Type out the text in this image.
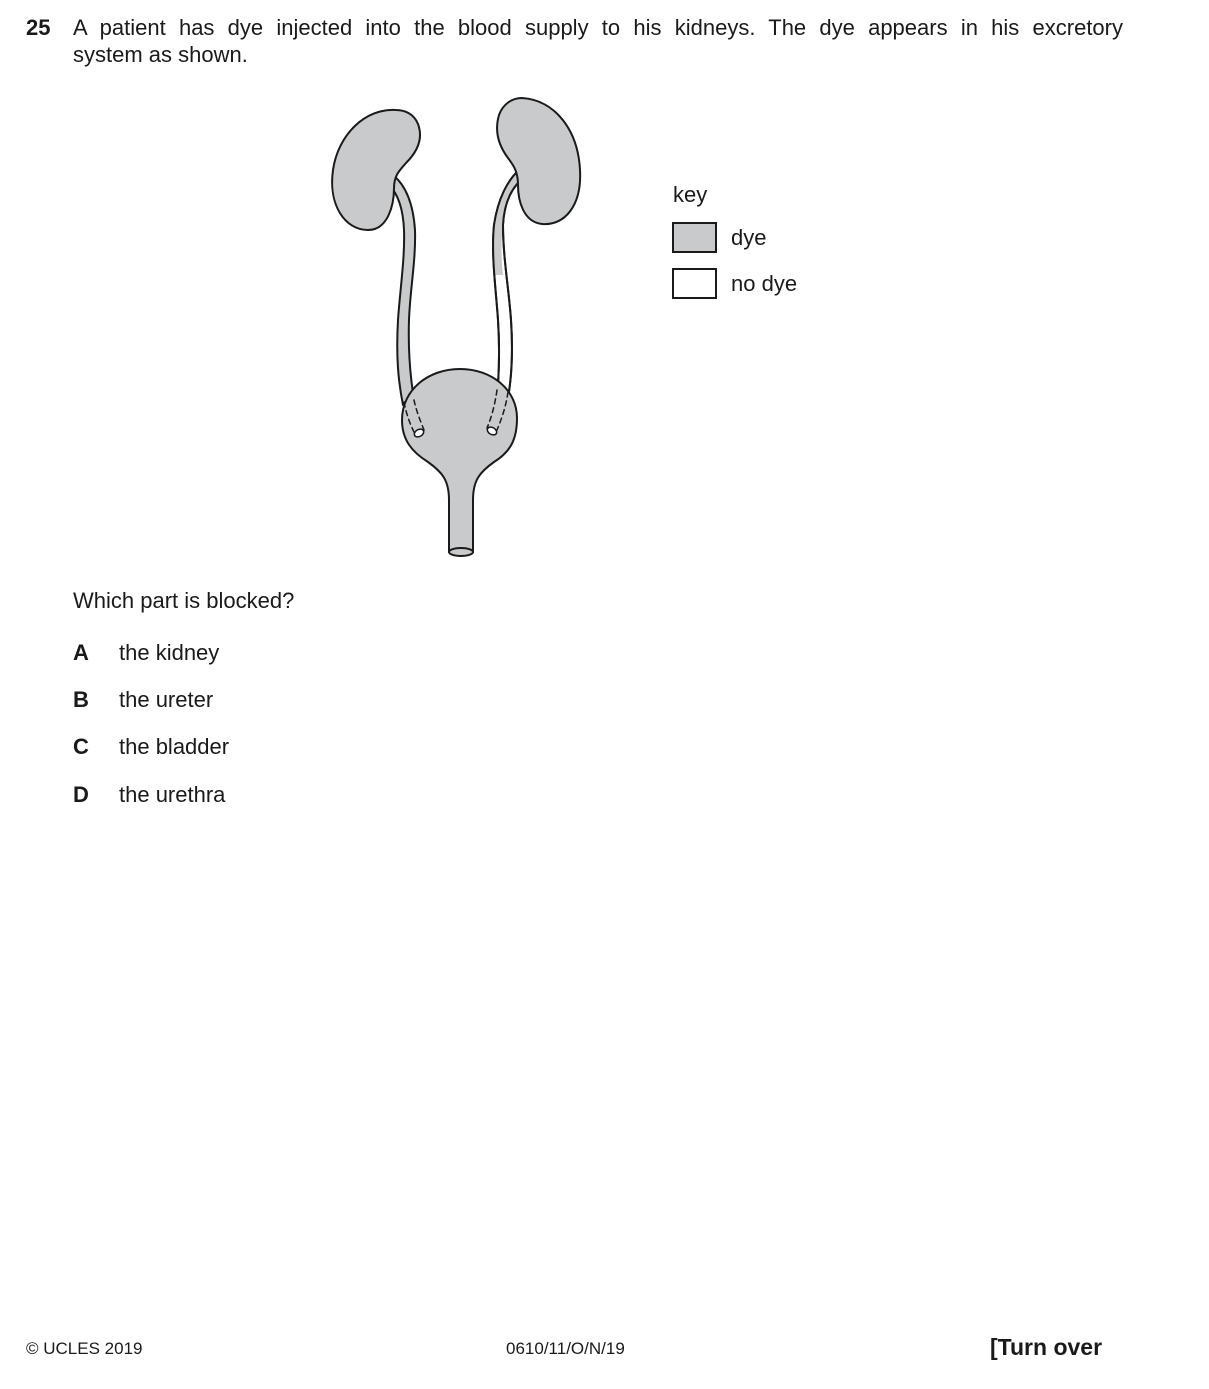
25 A patient has dye injected into the blood supply to his kidneys. The dye appears in his excretory
system as shown.
key
dye
no dye
Which part is blocked?
A the kidney
B the ureter
C the bladder
D the urethra
© UCLES 2019	0610/11/O/N/19	[Turn over
